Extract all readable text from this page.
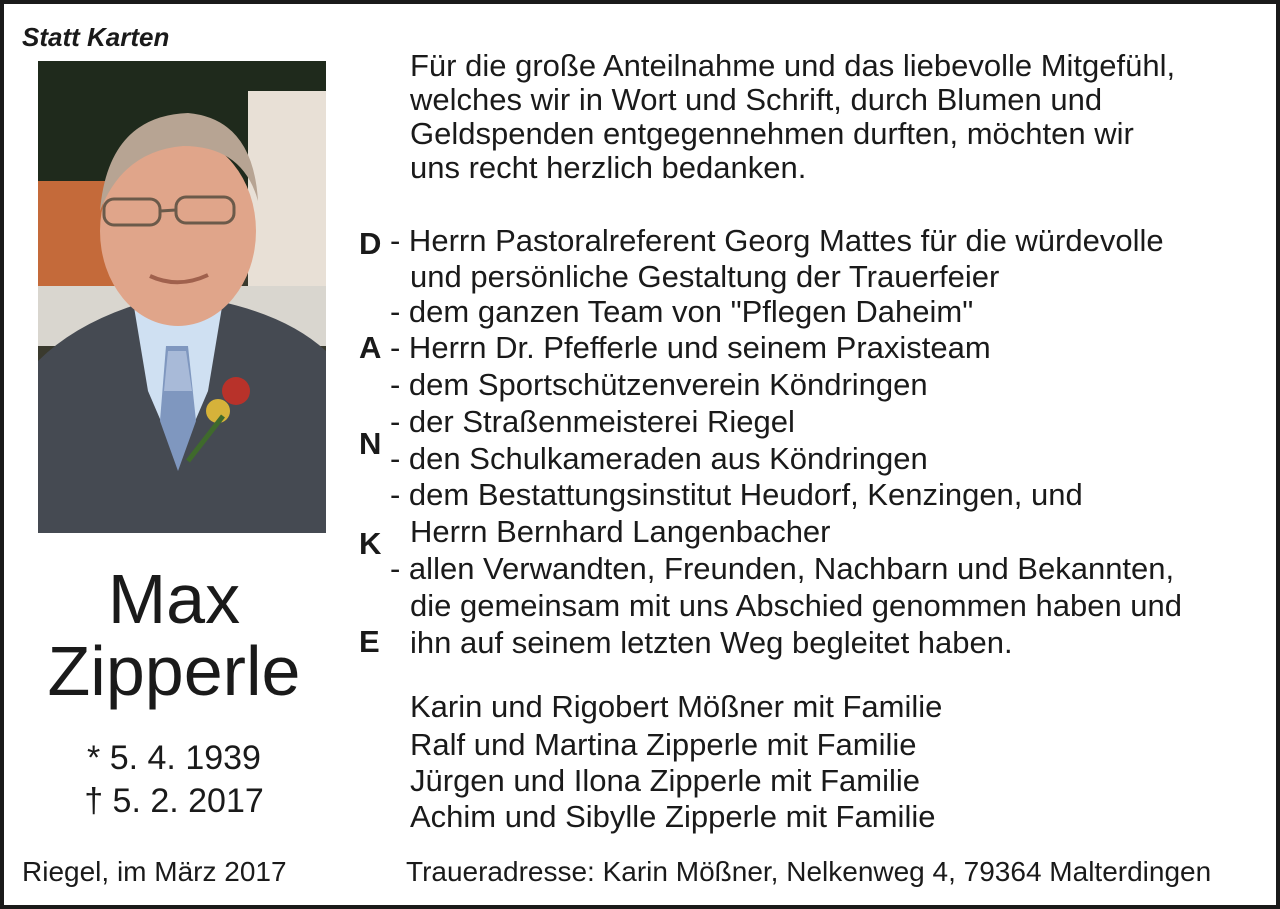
Statt Karten
Max
Zipperle
* 5. 4. 1939
† 5. 2. 2017
Riegel, im März 2017
Für die große Anteilnahme und das liebevolle Mitgefühl,
welches wir in Wort und Schrift, durch Blumen und
Geldspenden entgegennehmen durften, möchten wir
uns recht herzlich bedanken.
D
A
N
K
E
- Herrn Pastoralreferent Georg Mattes für die würdevolle
und persönliche Gestaltung der Trauerfeier
- dem ganzen Team von "Pflegen Daheim"
- Herrn Dr. Pfefferle und seinem Praxisteam
- dem Sportschützenverein Köndringen
- der Straßenmeisterei Riegel
- den Schulkameraden aus Köndringen
- dem Bestattungsinstitut Heudorf, Kenzingen, und
Herrn Bernhard Langenbacher
- allen Verwandten, Freunden, Nachbarn und Bekannten,
die gemeinsam mit uns Abschied genommen haben und
ihn auf seinem letzten Weg begleitet haben.
Karin und Rigobert Mößner mit Familie
Ralf und Martina Zipperle mit Familie
Jürgen und Ilona Zipperle mit Familie
Achim und Sibylle Zipperle mit Familie
Traueradresse: Karin Mößner, Nelkenweg 4, 79364 Malterdingen
